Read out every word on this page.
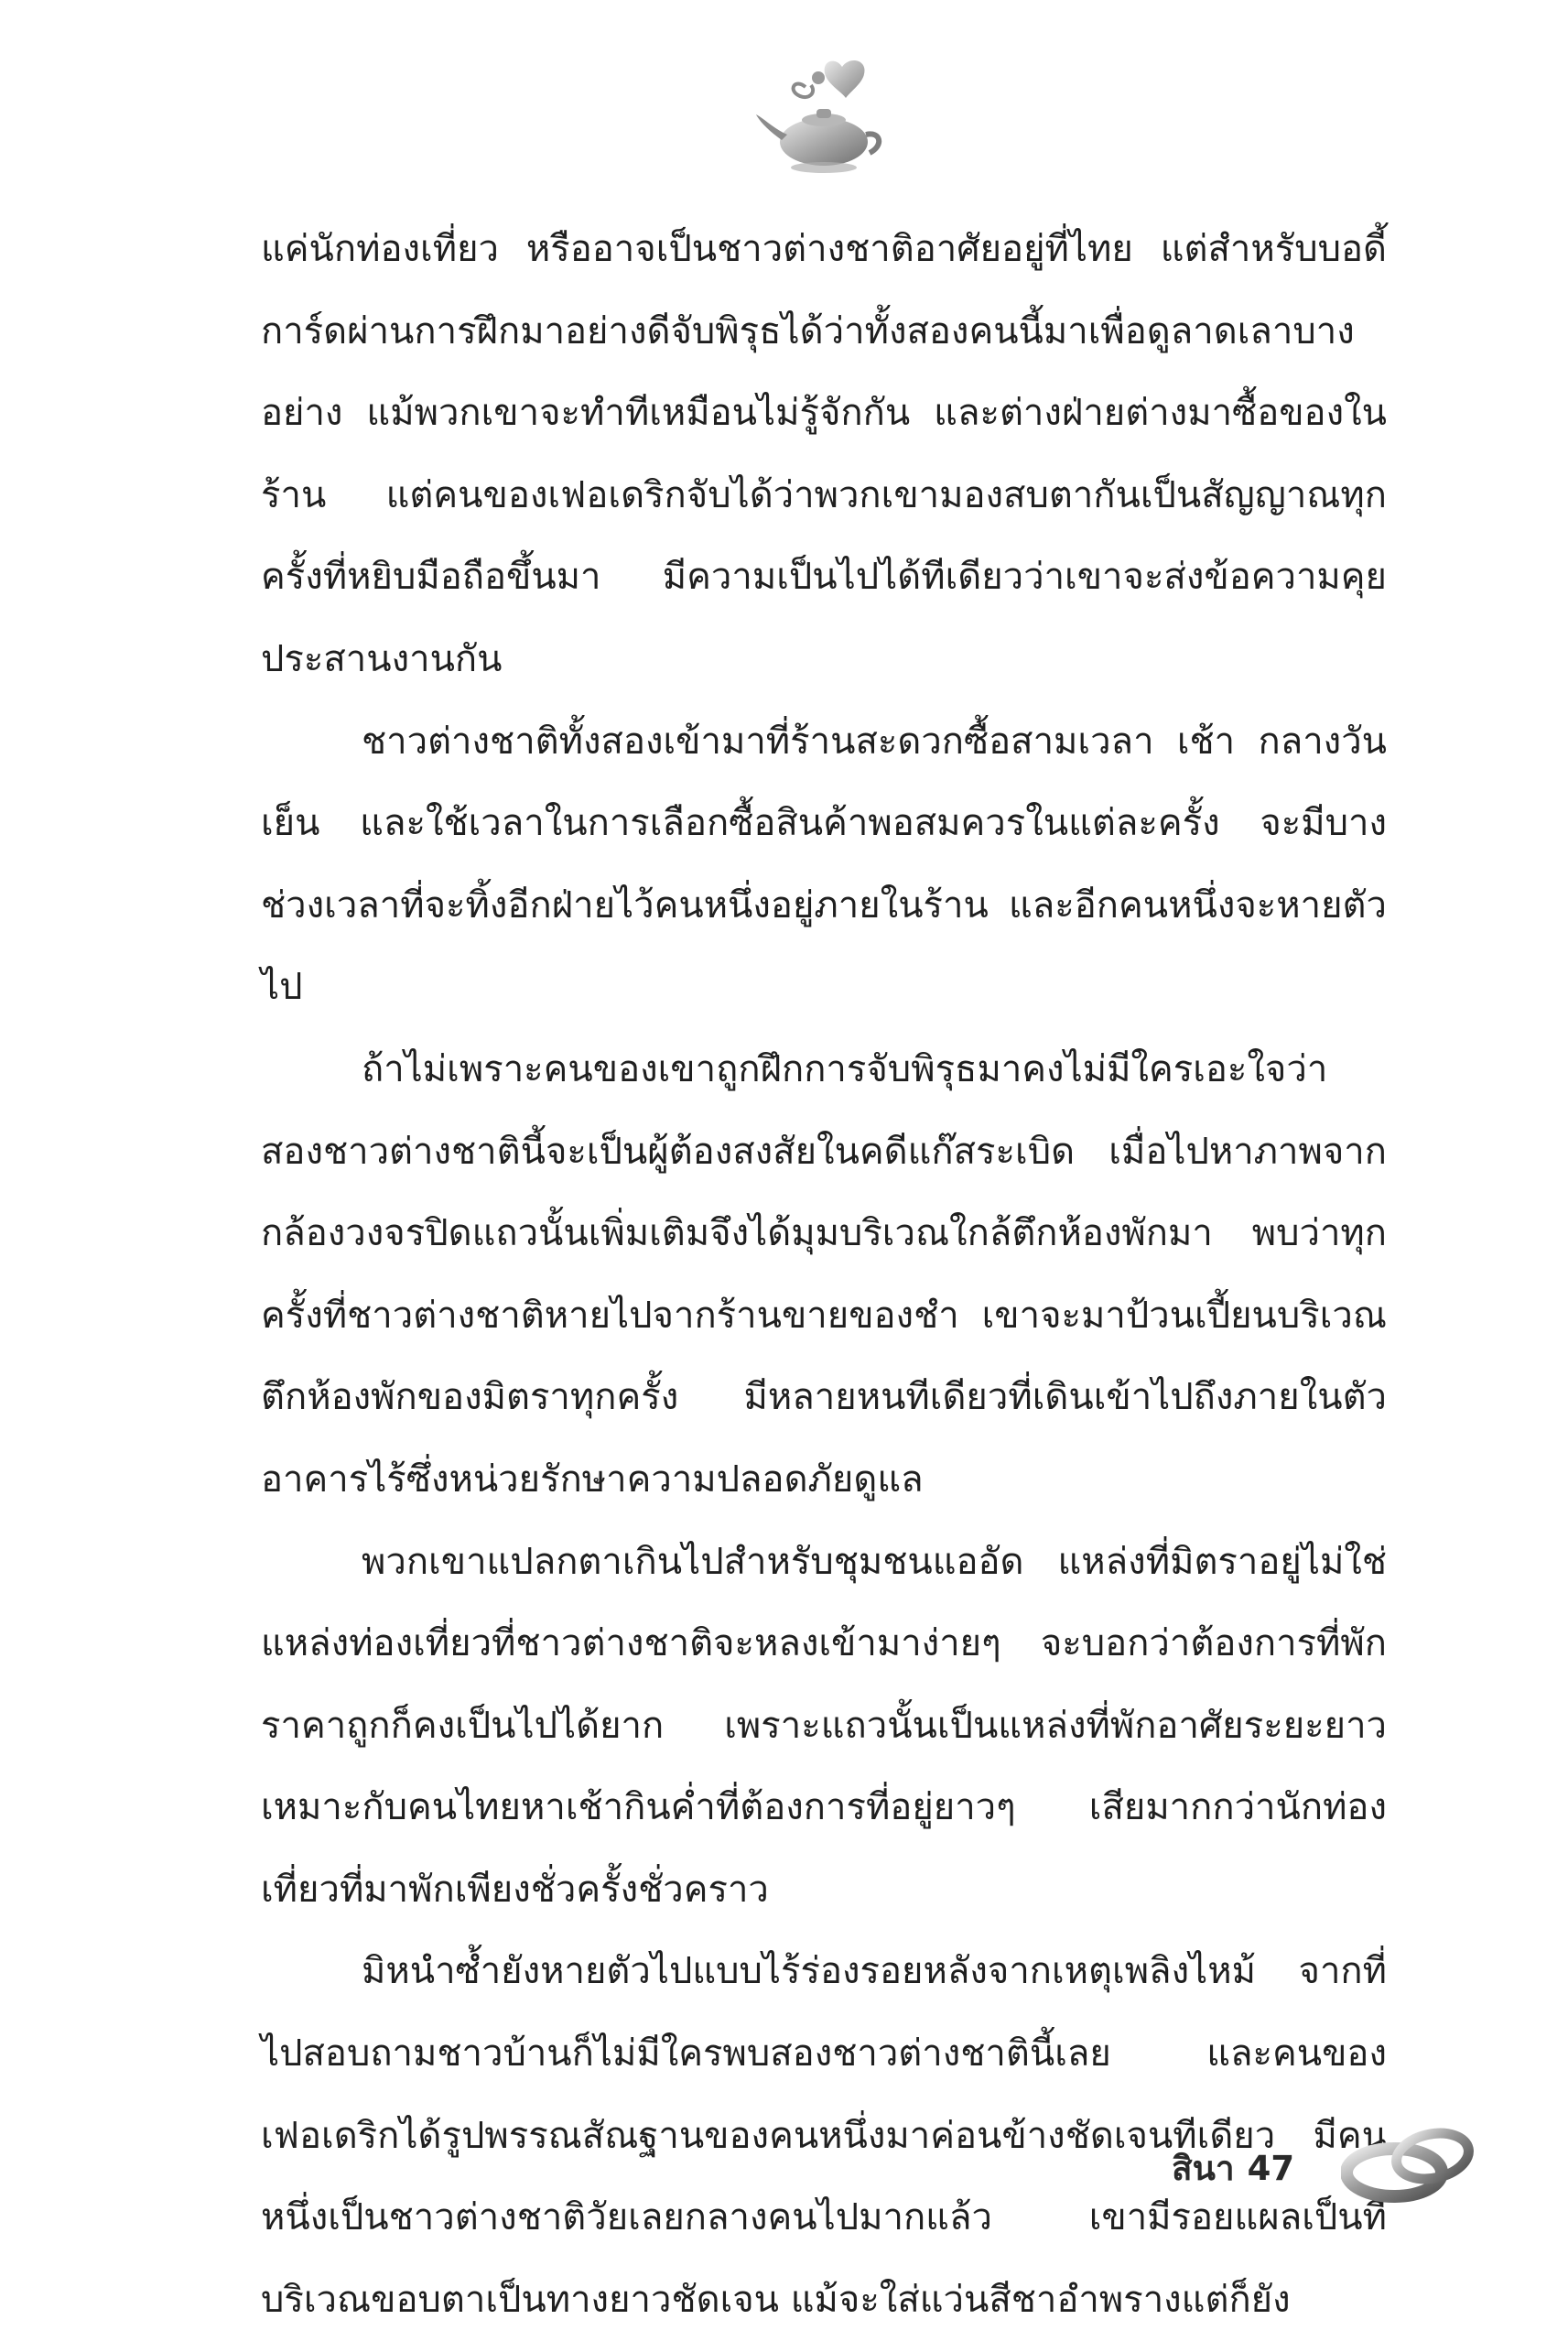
แค่นักท่องเที่ยว หรืออาจเป็นชาวต่างชาติอาศัยอยู่ที่ไทย แต่สำหรับบอดี้การ์ดผ่านการฝึกมาอย่างดีจับพิรุธได้ว่าทั้งสองคนนี้มาเพื่อดูลาดเลาบางอย่าง แม้พวกเขาจะทำทีเหมือนไม่รู้จักกัน และต่างฝ่ายต่างมาซื้อของในร้าน แต่คนของเฟอเดริกจับได้ว่าพวกเขามองสบตากันเป็นสัญญาณทุกครั้งที่หยิบมือถือขึ้นมา มีความเป็นไปได้ทีเดียวว่าเขาจะส่งข้อความคุยประสานงานกัน

ชาวต่างชาติทั้งสองเข้ามาที่ร้านสะดวกซื้อสามเวลา เช้า กลางวัน เย็น และใช้เวลาในการเลือกซื้อสินค้าพอสมควรในแต่ละครั้ง จะมีบางช่วงเวลาที่จะทิ้งอีกฝ่ายไว้คนหนึ่งอยู่ภายในร้าน และอีกคนหนึ่งจะหายตัวไป

ถ้าไม่เพราะคนของเขาถูกฝึกการจับพิรุธมาคงไม่มีใครเอะใจว่าสองชาวต่างชาตินี้จะเป็นผู้ต้องสงสัยในคดีแก๊สระเบิด เมื่อไปหาภาพจากกล้องวงจรปิดแถวนั้นเพิ่มเติมจึงได้มุมบริเวณใกล้ตึกห้องพักมา พบว่าทุกครั้งที่ชาวต่างชาติหายไปจากร้านขายของชำ เขาจะมาป้วนเปี้ยนบริเวณตึกห้องพักของมิตราทุกครั้ง มีหลายหนทีเดียวที่เดินเข้าไปถึงภายในตัวอาคารไร้ซึ่งหน่วยรักษาความปลอดภัยดูแล

พวกเขาแปลกตาเกินไปสำหรับชุมชนแออัด แหล่งที่มิตราอยู่ไม่ใช่แหล่งท่องเที่ยวที่ชาวต่างชาติจะหลงเข้ามาง่ายๆ จะบอกว่าต้องการที่พักราคาถูกก็คงเป็นไปได้ยาก เพราะแถวนั้นเป็นแหล่งที่พักอาศัยระยะยาว เหมาะกับคนไทยหาเช้ากินค่ำที่ต้องการที่อยู่ยาวๆ เสียมากกว่านักท่องเที่ยวที่มาพักเพียงชั่วครั้งชั่วคราว

มิหนำซ้ำยังหายตัวไปแบบไร้ร่องรอยหลังจากเหตุเพลิงไหม้ จากที่ไปสอบถามชาวบ้านก็ไม่มีใครพบสองชาวต่างชาตินี้เลย และคนของเฟอเดริกได้รูปพรรณสัณฐานของคนหนึ่งมาค่อนข้างชัดเจนทีเดียว มีคนหนึ่งเป็นชาวต่างชาติวัยเลยกลางคนไปมากแล้ว เขามีรอยแผลเป็นที่บริเวณขอบตาเป็นทางยาวชัดเจน แม้จะใส่แว่นสีชาอำพรางแต่ก็ยัง

สินา 47
